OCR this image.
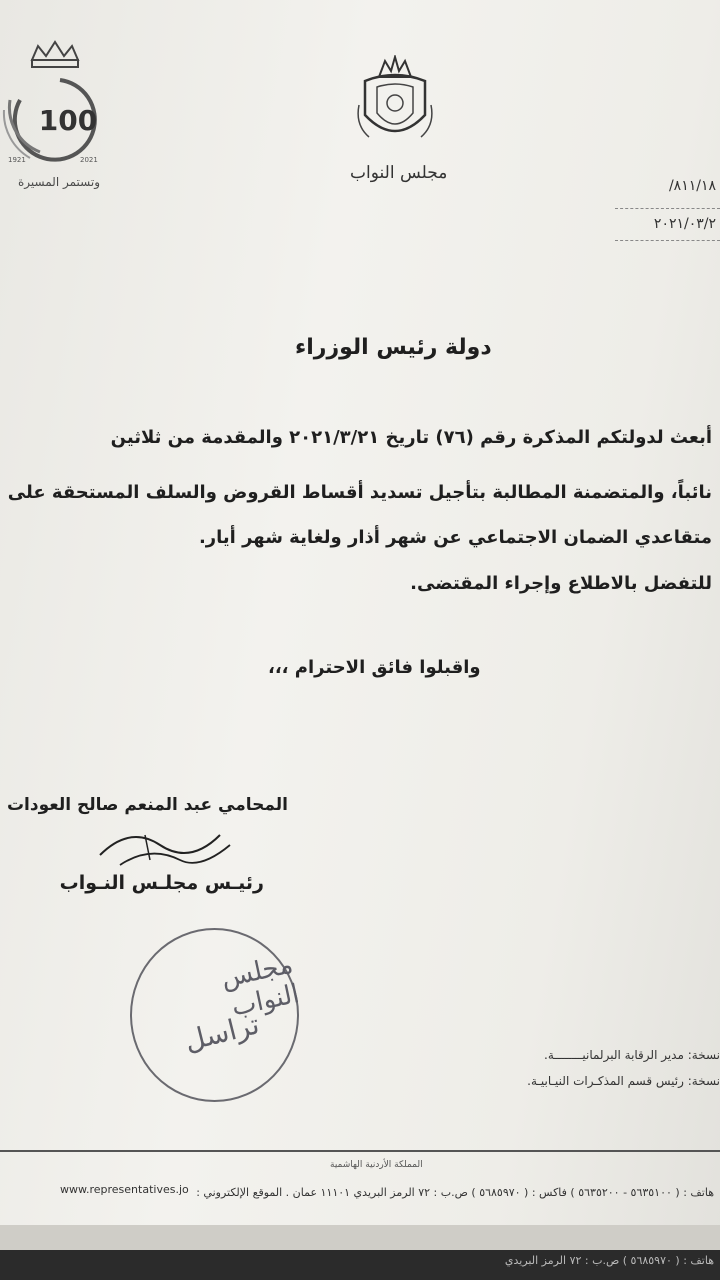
100
1921	2021
وتستمر المسيرة	مجلس النواب
٨١١/١٨/
٢٠٢١/٠٣/٢
دولة رئيس الوزراء
أبعث لدولتكم المذكرة رقم (٧٦) تاريخ ٢٠٢١/٣/٢١ والمقدمة من ثلاثين
نائباً، والمتضمنة المطالبة بتأجيل تسديد أقساط القروض والسلف المستحقة على
متقاعدي الضمان الاجتماعي عن شهر أذار ولغاية شهر أيار.
للتفضل بالاطلاع وإجراء المقتضى.
واقبلوا فائق الاحترام ،،،
المحامي عبد المنعم صالح العودات
رئيـس مجلـس النـواب
مجلس النواب
تراسل	نسخة: مدير الرقابة البرلمانيــــــــة.
نسخة: رئيس قسم المذكـرات النيـابيـة.
المملكة الأردنية الهاشمية
هاتف : ( ٥٦٣٥١٠٠ - ٥٦٣٥٢٠٠ ) فاكس : ( ٥٦٨٥٩٧٠ ) ص.ب : ٧٢ الرمز البريدي ١١١٠١ عمان . الموقع الإلكتروني :
www.representatives.jo
هاتف : ( ٥٦٨٥٩٧٠ ) ص.ب : ٧٢ الرمز البريدي
